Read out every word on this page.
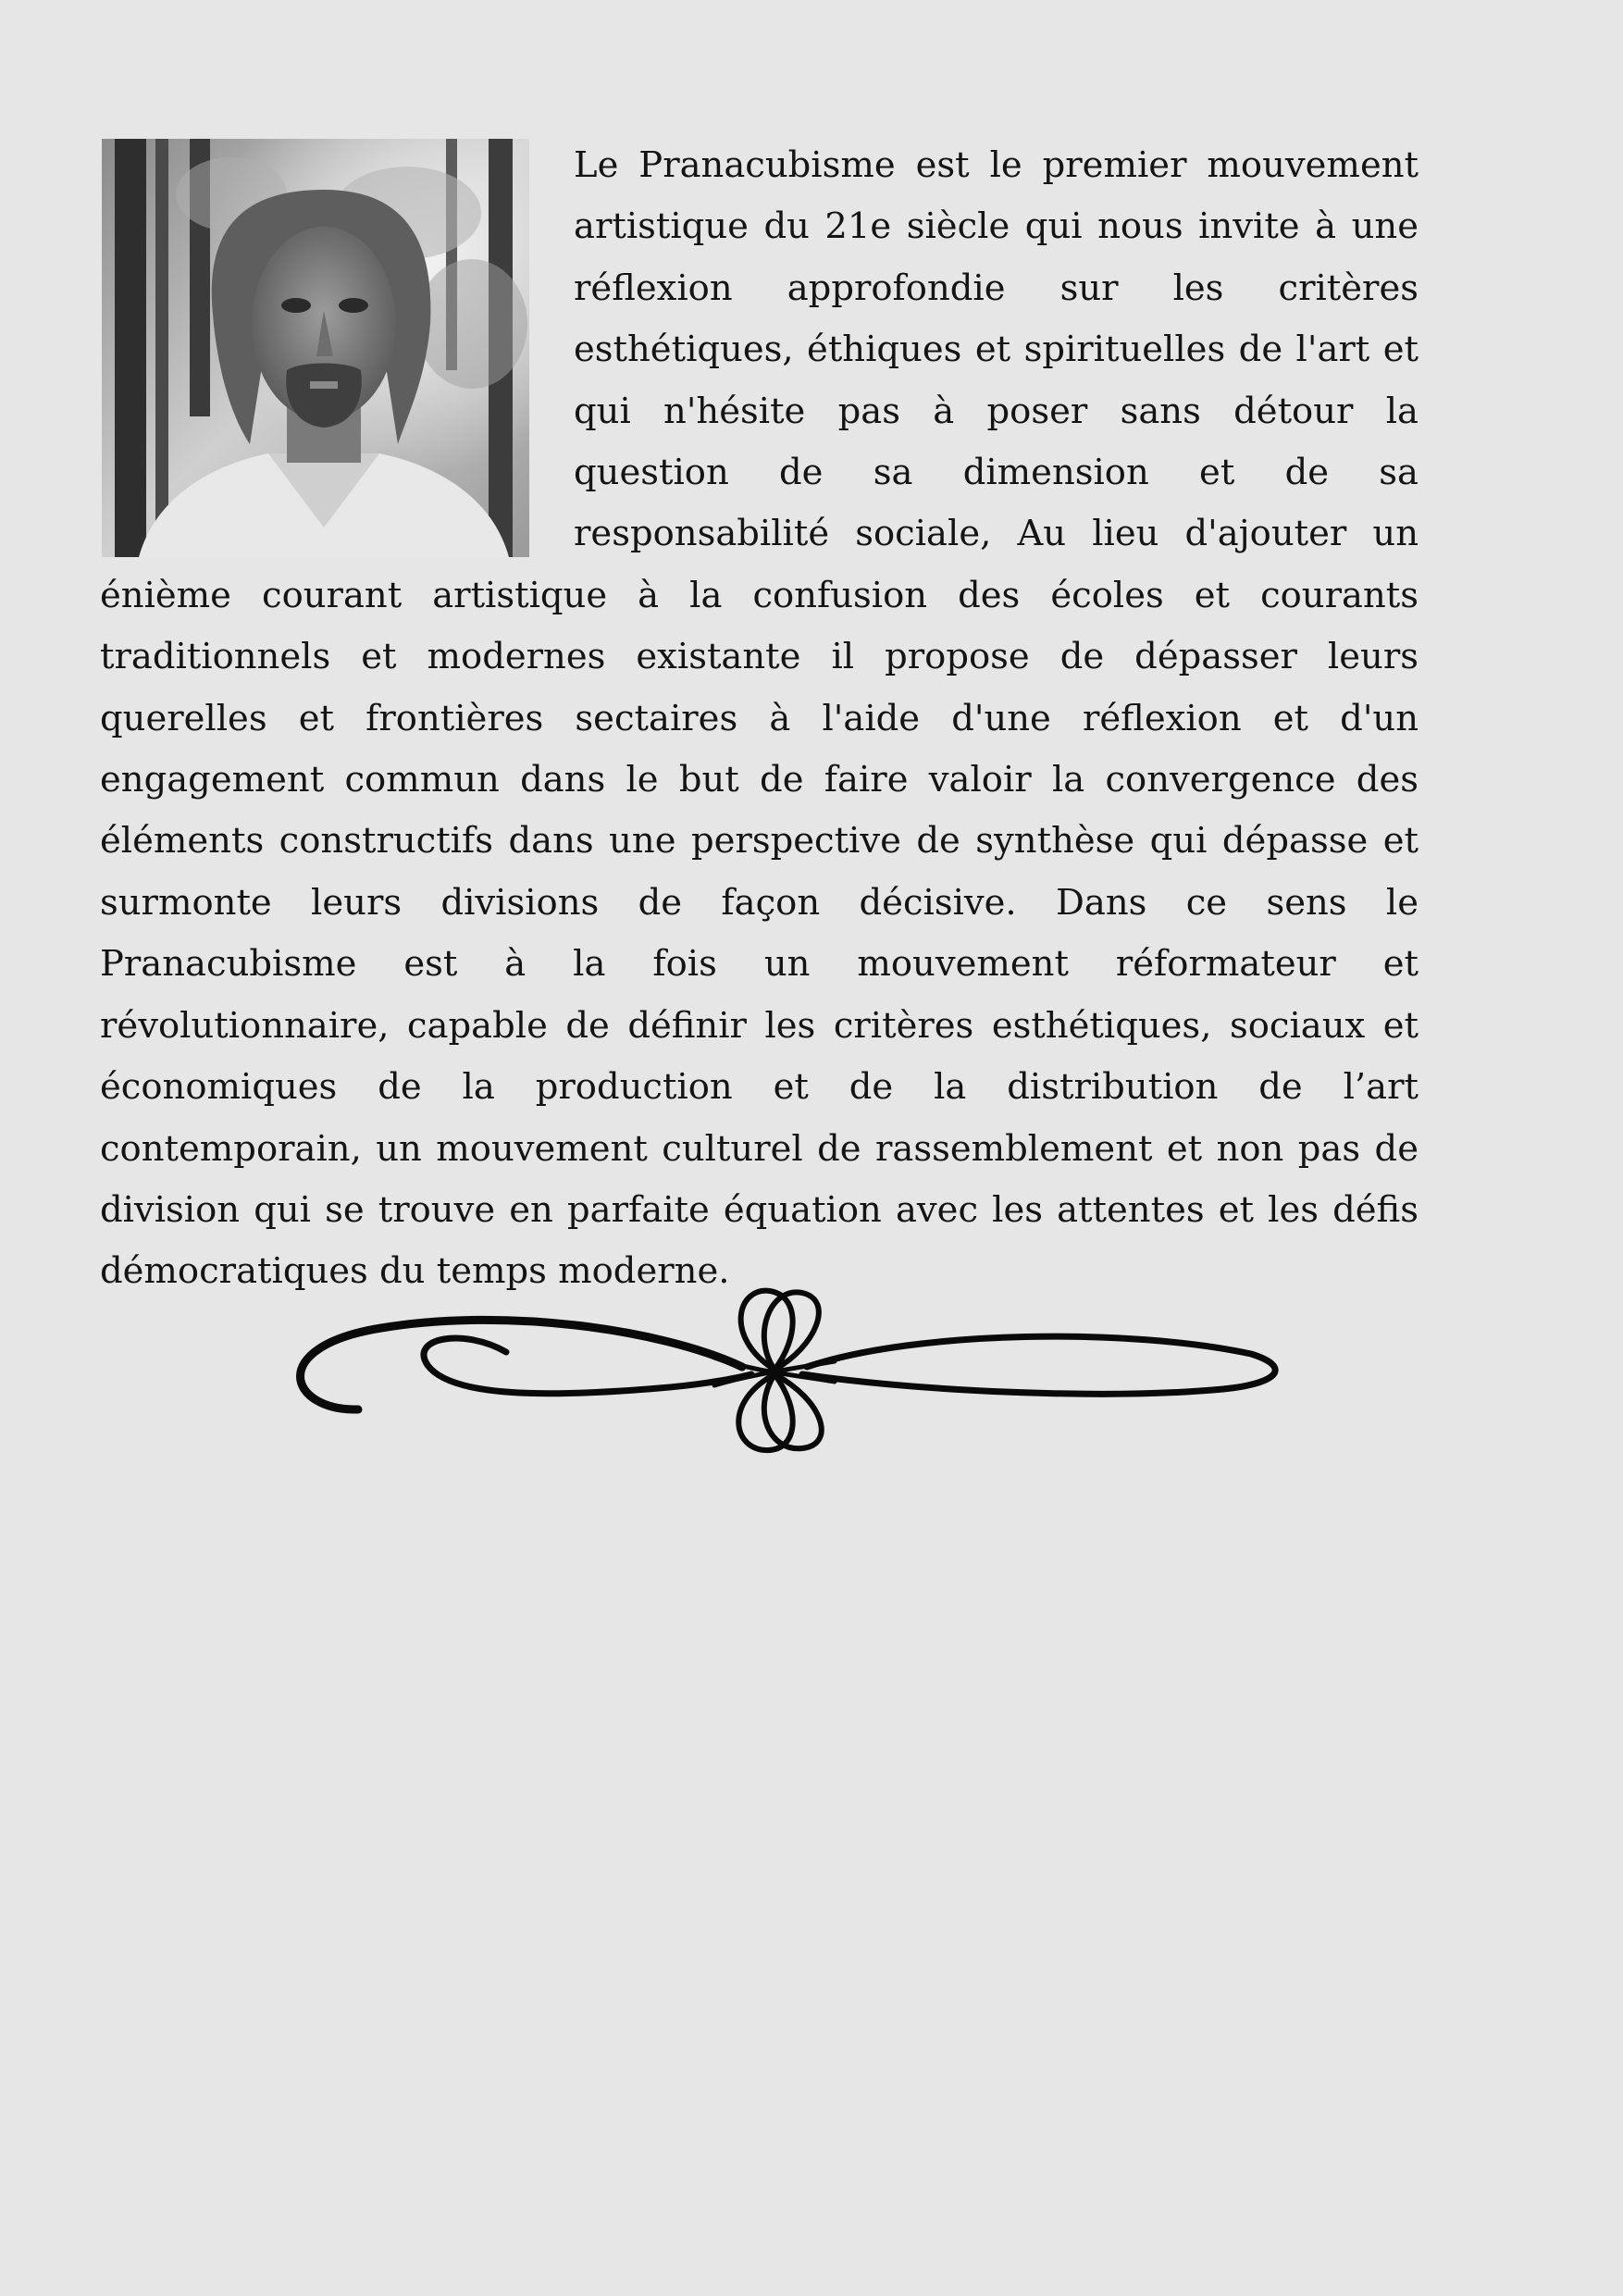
Le Pranacubisme est le premier mouvement artistique du 21e siècle qui nous invite à une réflexion approfondie sur les critères esthétiques, éthiques et spirituelles de l'art et qui n'hésite pas à poser sans détour la question de sa dimension et de sa responsabilité sociale, Au lieu d'ajouter un énième courant artistique à la confusion des écoles et courants traditionnels et modernes existante il propose de dépasser leurs querelles et frontières sectaires à l'aide d'une réflexion et d'un engagement commun dans le but de faire valoir la convergence des éléments constructifs dans une perspective de synthèse qui dépasse et surmonte leurs divisions de façon décisive. Dans ce sens le Pranacubisme est à la fois un mouvement réformateur et révolutionnaire, capable de définir les critères esthétiques, sociaux et économiques de la production et de la distribution de l’art contemporain, un mouvement culturel de rassemblement et non pas de division qui se trouve en parfaite équation avec les attentes et les défis démocratiques du temps moderne.
